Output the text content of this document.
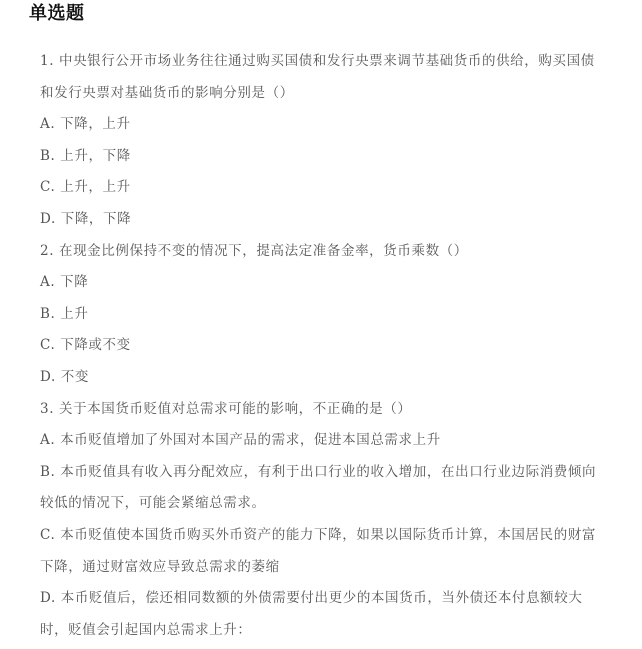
单选题
1. 中央银行公开市场业务往往通过购买国债和发行央票来调节基础货币的供给，购买国债
和发行央票对基础货币的影响分别是（）
A. 下降，上升
B. 上升，下降
C. 上升，上升
D. 下降，下降
2. 在现金比例保持不变的情况下，提高法定准备金率，货币乘数（）
A. 下降
B. 上升
C. 下降或不变
D. 不变
3. 关于本国货币贬值对总需求可能的影响，不正确的是（）
A. 本币贬值增加了外国对本国产品的需求，促进本国总需求上升
B. 本币贬值具有收入再分配效应，有利于出口行业的收入增加，在出口行业边际消费倾向
较低的情况下，可能会紧缩总需求。
C. 本币贬值使本国货币购买外币资产的能力下降，如果以国际货币计算，本国居民的财富
下降，通过财富效应导致总需求的萎缩
D. 本币贬值后，偿还相同数额的外债需要付出更少的本国货币，当外债还本付息额较大
时，贬值会引起国内总需求上升：
